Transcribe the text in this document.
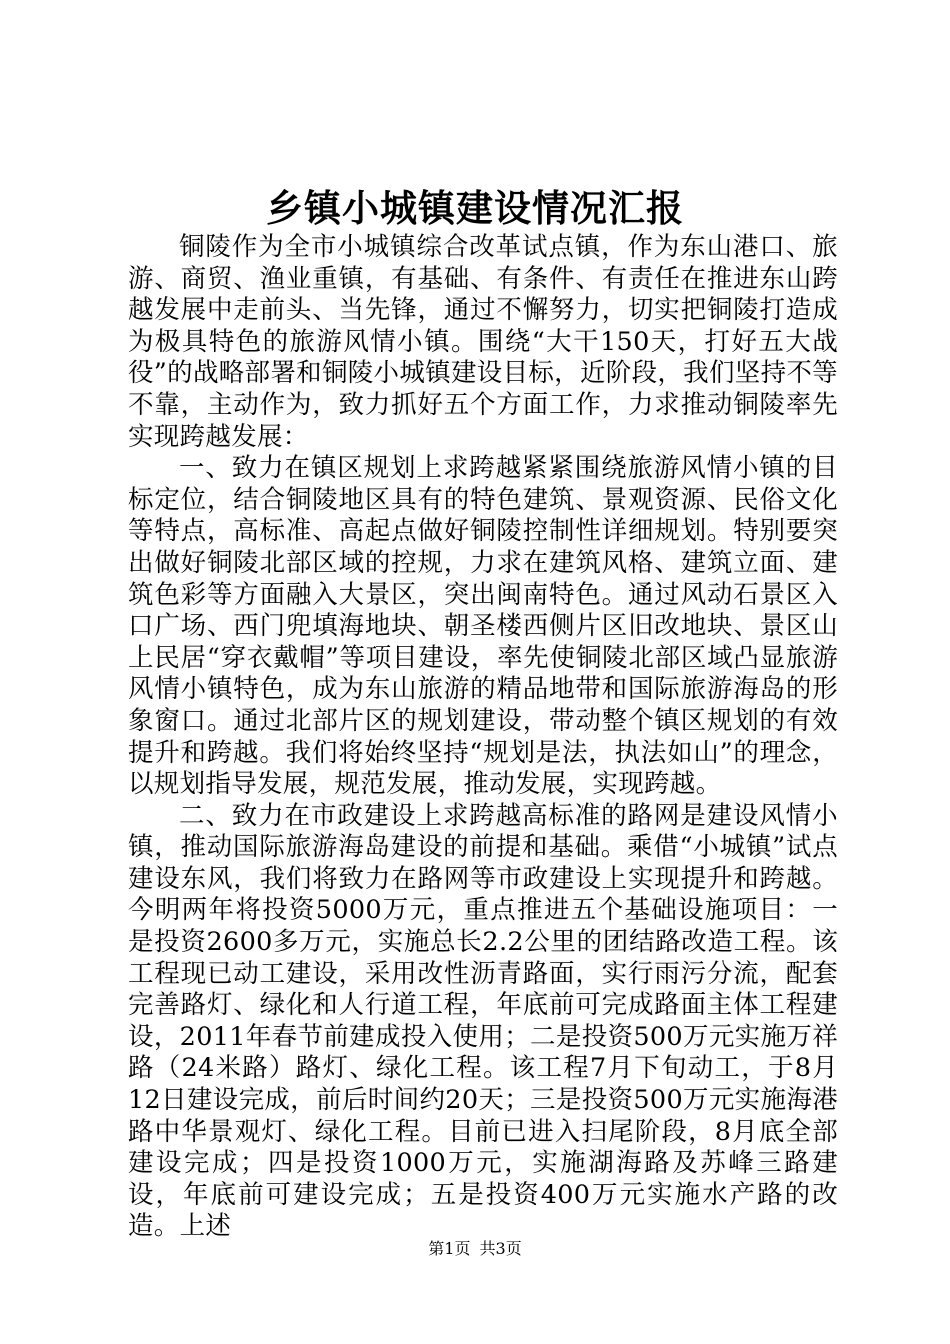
乡镇小城镇建设情况汇报

铜陵作为全市小城镇综合改革试点镇，作为东山港口、旅游、商贸、渔业重镇，有基础、有条件、有责任在推进东山跨越发展中走前头、当先锋，通过不懈努力，切实把铜陵打造成为极具特色的旅游风情小镇。围绕“大干150天，打好五大战役”的战略部署和铜陵小城镇建设目标，近阶段，我们坚持不等不靠，主动作为，致力抓好五个方面工作，力求推动铜陵率先实现跨越发展：

一、致力在镇区规划上求跨越紧紧围绕旅游风情小镇的目标定位，结合铜陵地区具有的特色建筑、景观资源、民俗文化等特点，高标准、高起点做好铜陵控制性详细规划。特别要突出做好铜陵北部区域的控规，力求在建筑风格、建筑立面、建筑色彩等方面融入大景区，突出闽南特色。通过风动石景区入口广场、西门兜填海地块、朝圣楼西侧片区旧改地块、景区山上民居“穿衣戴帽”等项目建设，率先使铜陵北部区域凸显旅游风情小镇特色，成为东山旅游的精品地带和国际旅游海岛的形象窗口。通过北部片区的规划建设，带动整个镇区规划的有效提升和跨越。我们将始终坚持“规划是法，执法如山”的理念，以规划指导发展，规范发展，推动发展，实现跨越。

二、致力在市政建设上求跨越高标准的路网是建设风情小镇，推动国际旅游海岛建设的前提和基础。乘借“小城镇”试点建设东风，我们将致力在路网等市政建设上实现提升和跨越。今明两年将投资5000万元，重点推进五个基础设施项目：一是投资2600多万元，实施总长2.2公里的团结路改造工程。该工程现已动工建设，采用改性沥青路面，实行雨污分流，配套完善路灯、绿化和人行道工程，年底前可完成路面主体工程建设，2011年春节前建成投入使用；二是投资500万元实施万祥路（24米路）路灯、绿化工程。该工程7月下旬动工，于8月12日建设完成，前后时间约20天；三是投资500万元实施海港路中华景观灯、绿化工程。目前已进入扫尾阶段，8月底全部建设完成；四是投资1000万元，实施湖海路及苏峰三路建设，年底前可建设完成；五是投资400万元实施水产路的改造。上述

第1页 共3页
